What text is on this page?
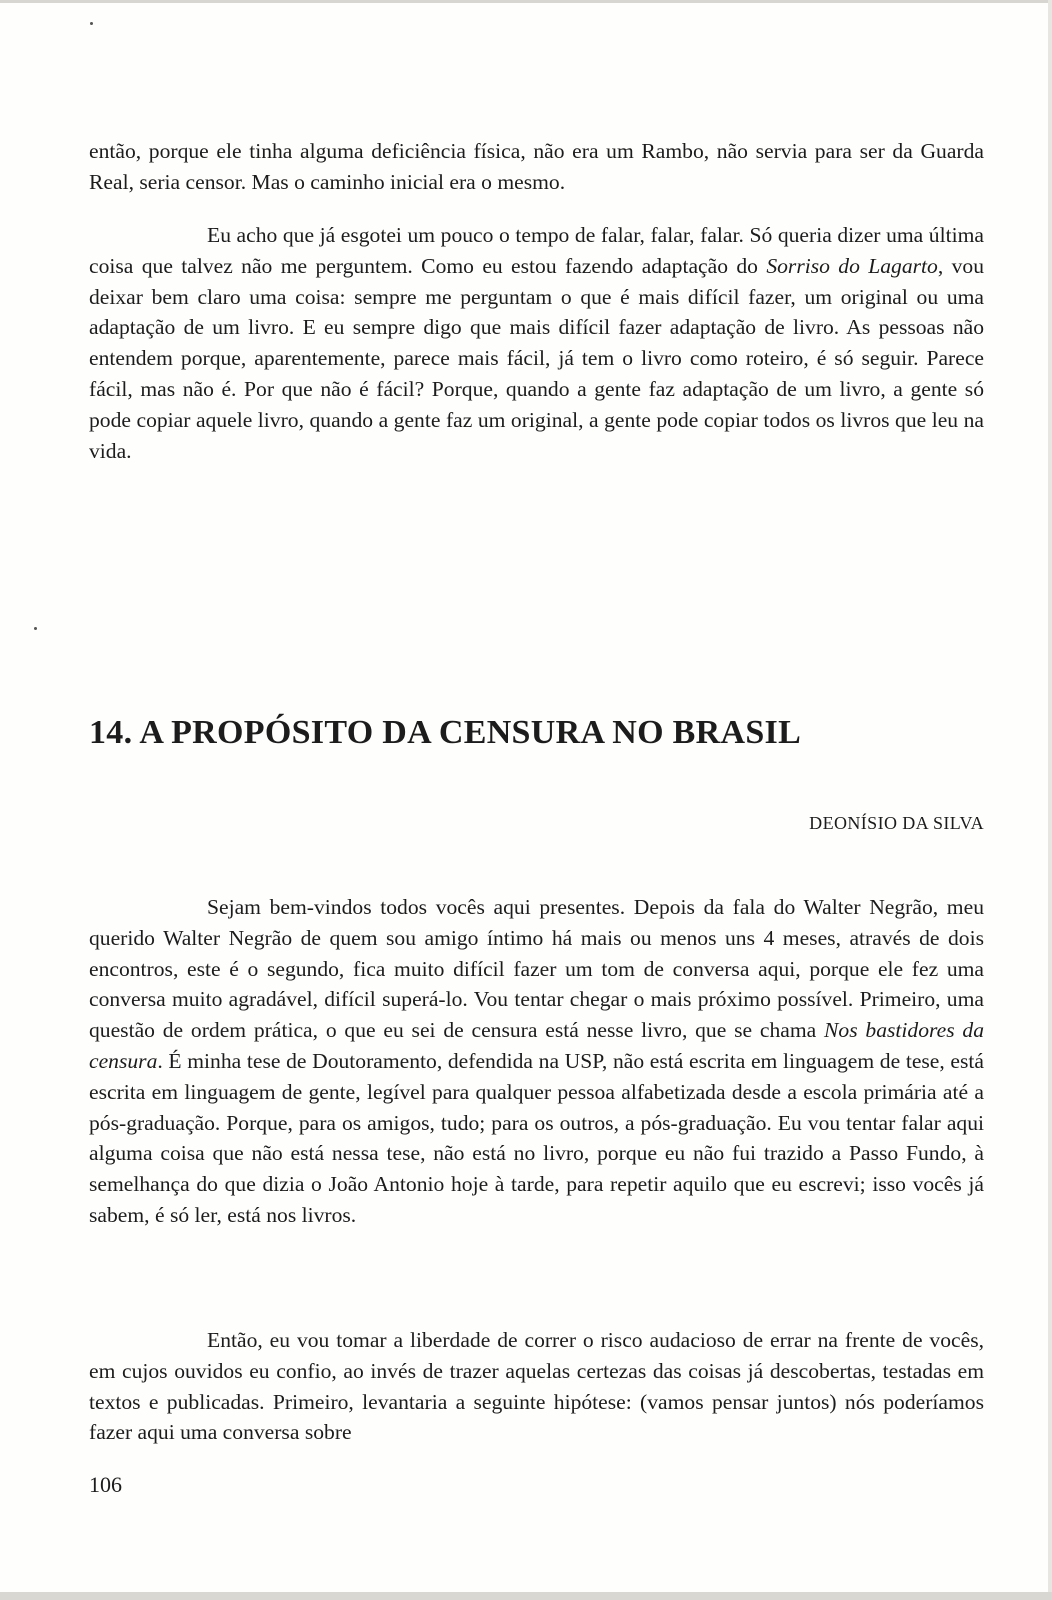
então, porque ele tinha alguma deficiência física, não era um Rambo, não servia para ser da Guarda Real, seria censor. Mas o caminho inicial era o mesmo.

Eu acho que já esgotei um pouco o tempo de falar, falar, falar. Só queria dizer uma última coisa que talvez não me perguntem. Como eu estou fazendo adaptação do Sorriso do Lagarto, vou deixar bem claro uma coisa: sempre me perguntam o que é mais difícil fazer, um original ou uma adaptação de um livro. E eu sempre digo que mais difícil fazer adaptação de livro. As pessoas não entendem porque, aparentemente, parece mais fácil, já tem o livro como roteiro, é só seguir. Parece fácil, mas não é. Por que não é fácil? Porque, quando a gente faz adaptação de um livro, a gente só pode copiar aquele livro, quando a gente faz um original, a gente pode copiar todos os livros que leu na vida.

14. A PROPÓSITO DA CENSURA NO BRASIL
DEONÍSIO DA SILVA

Sejam bem-vindos todos vocês aqui presentes. Depois da fala do Walter Negrão, meu querido Walter Negrão de quem sou amigo íntimo há mais ou menos uns 4 meses, através de dois encontros, este é o segundo, fica muito difícil fazer um tom de conversa aqui, porque ele fez uma conversa muito agradável, difícil superá-lo. Vou tentar chegar o mais próximo possível. Primeiro, uma questão de ordem prática, o que eu sei de censura está nesse livro, que se chama Nos bastidores da censura. É minha tese de Doutoramento, defendida na USP, não está escrita em linguagem de tese, está escrita em linguagem de gente, legível para qualquer pessoa alfabetizada desde a escola primária até a pós-graduação. Porque, para os amigos, tudo; para os outros, a pós-graduação. Eu vou tentar falar aqui alguma coisa que não está nessa tese, não está no livro, porque eu não fui trazido a Passo Fundo, à semelhança do que dizia o João Antonio hoje à tarde, para repetir aquilo que eu escrevi; isso vocês já sabem, é só ler, está nos livros.

Então, eu vou tomar a liberdade de correr o risco audacioso de errar na frente de vocês, em cujos ouvidos eu confio, ao invés de trazer aquelas certezas das coisas já descobertas, testadas em textos e publicadas. Primeiro, levantaria a seguinte hipótese: (vamos pensar juntos) nós poderíamos fazer aqui uma conversa sobre

106
